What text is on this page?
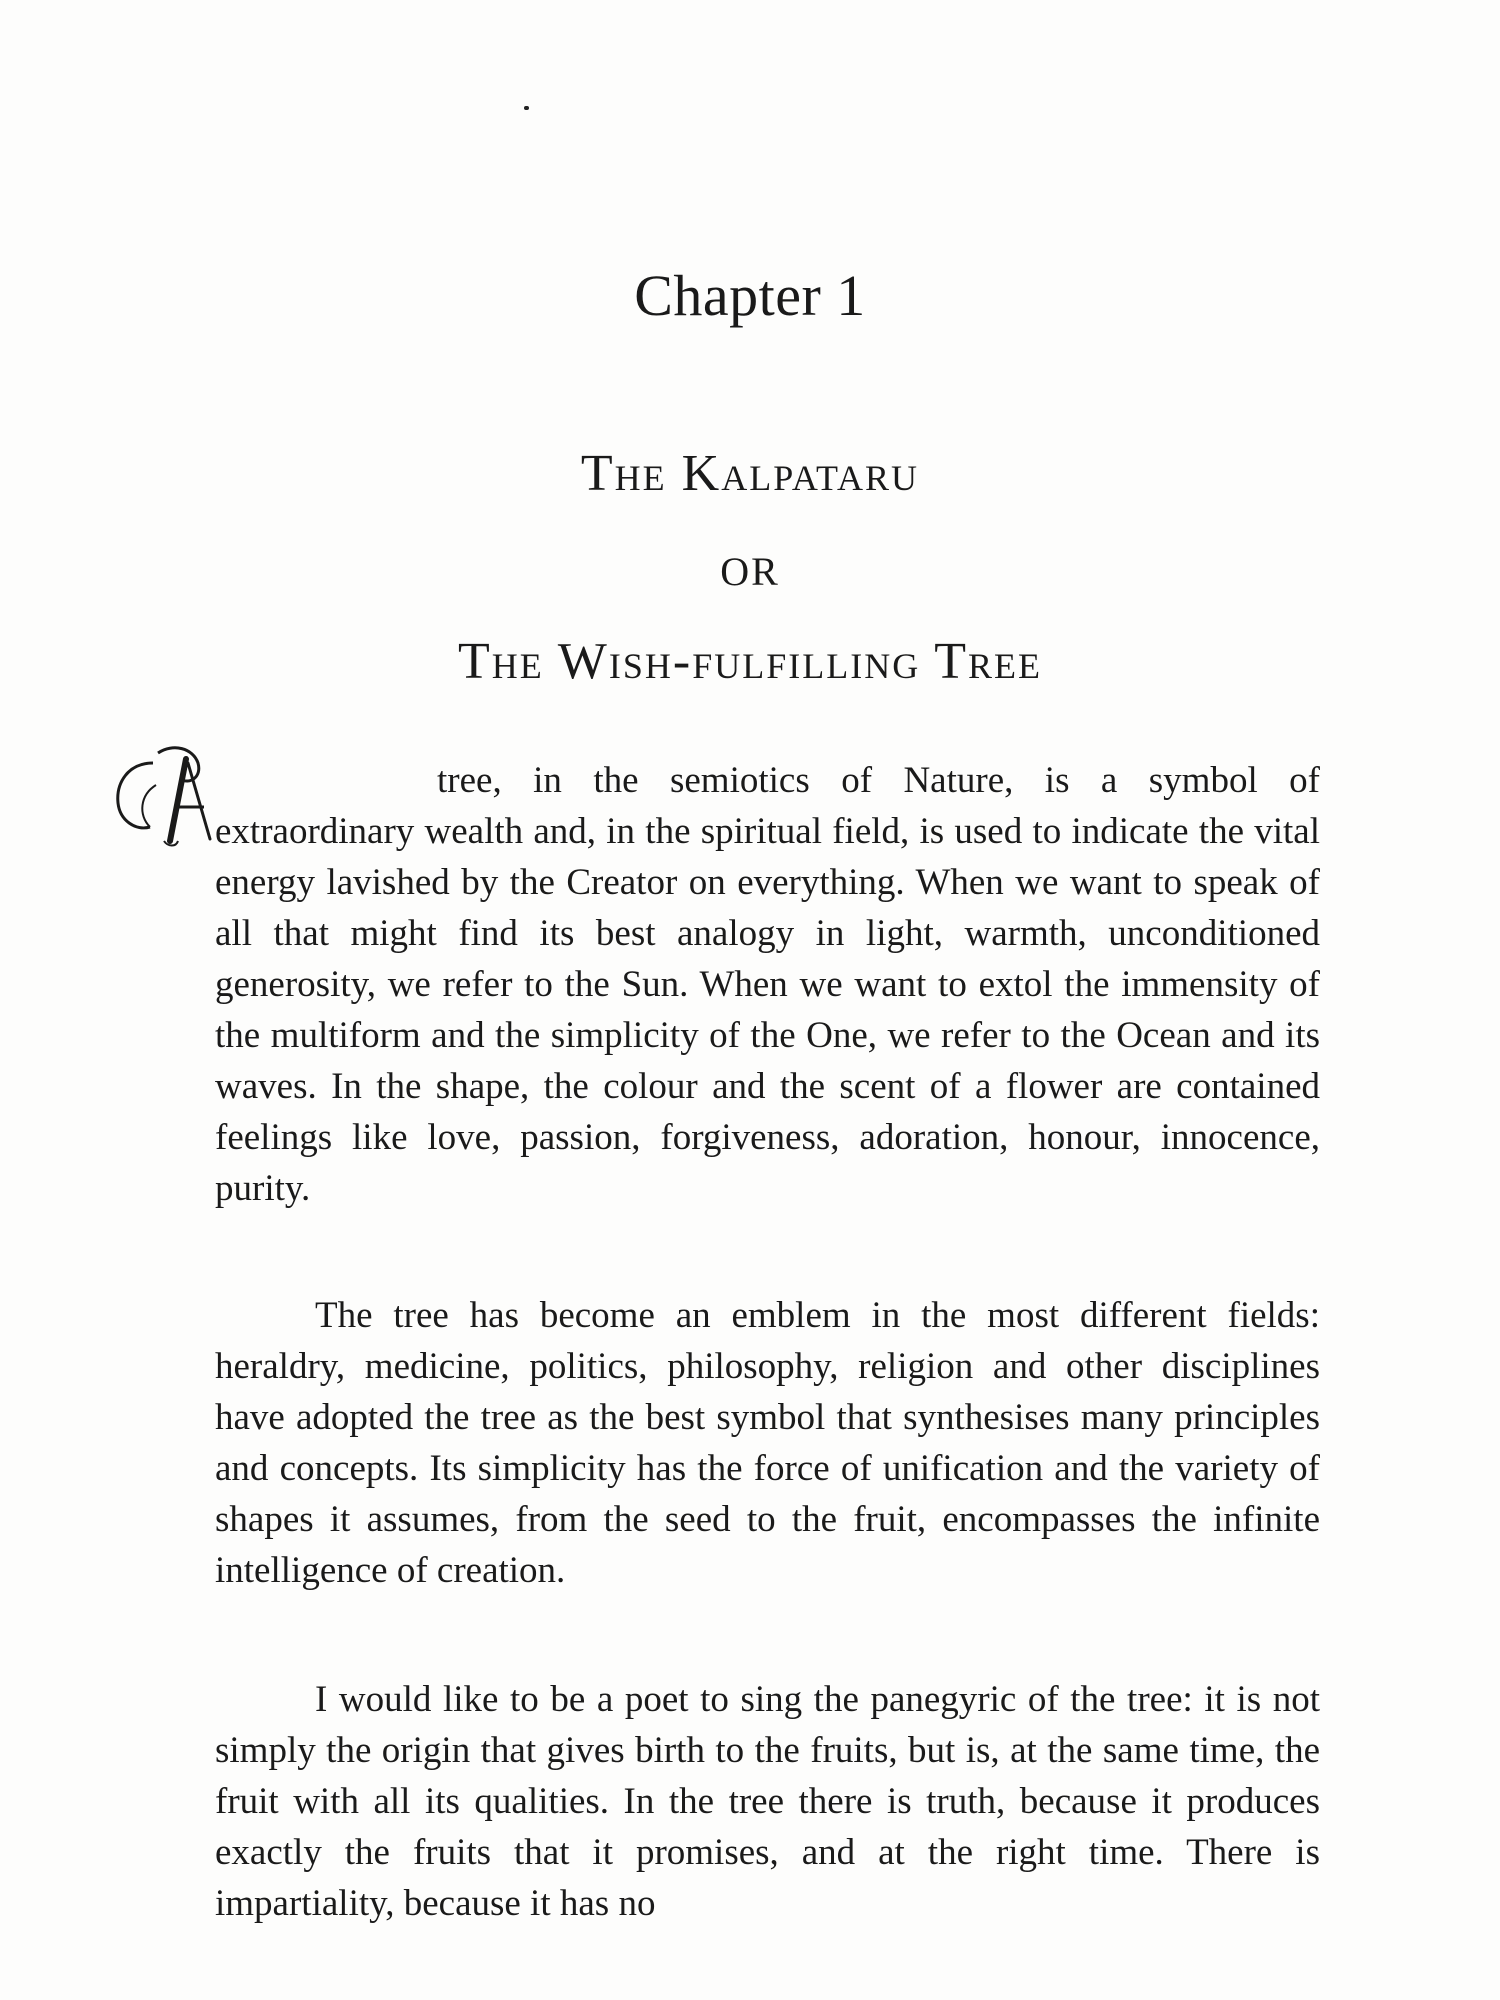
Chapter 1
The Kalpataru
OR
The Wish-fulfilling Tree
A
tree, in the semiotics of Nature, is a symbol of
extraordinary wealth and, in the spiritual field, is used to indicate the vital energy lavished by the Creator on everything. When we want to speak of all that might find its best analogy in light, warmth, unconditioned generosity, we refer to the Sun. When we want to extol the immensity of the multiform and the simplicity of the One, we refer to the Ocean and its waves. In the shape, the colour and the scent of a flower are contained feelings like love, passion, forgiveness, adoration, honour, innocence, purity.
The tree has become an emblem in the most different fields: heraldry, medicine, politics, philosophy, religion and other disciplines have adopted the tree as the best symbol that synthesises many principles and concepts. Its simplicity has the force of unification and the variety of shapes it assumes, from the seed to the fruit, encompasses the infinite intelligence of creation.
I would like to be a poet to sing the panegyric of the tree: it is not simply the origin that gives birth to the fruits, but is, at the same time, the fruit with all its qualities. In the tree there is truth, because it produces exactly the fruits that it promises, and at the right time. There is impartiality, because it has no
